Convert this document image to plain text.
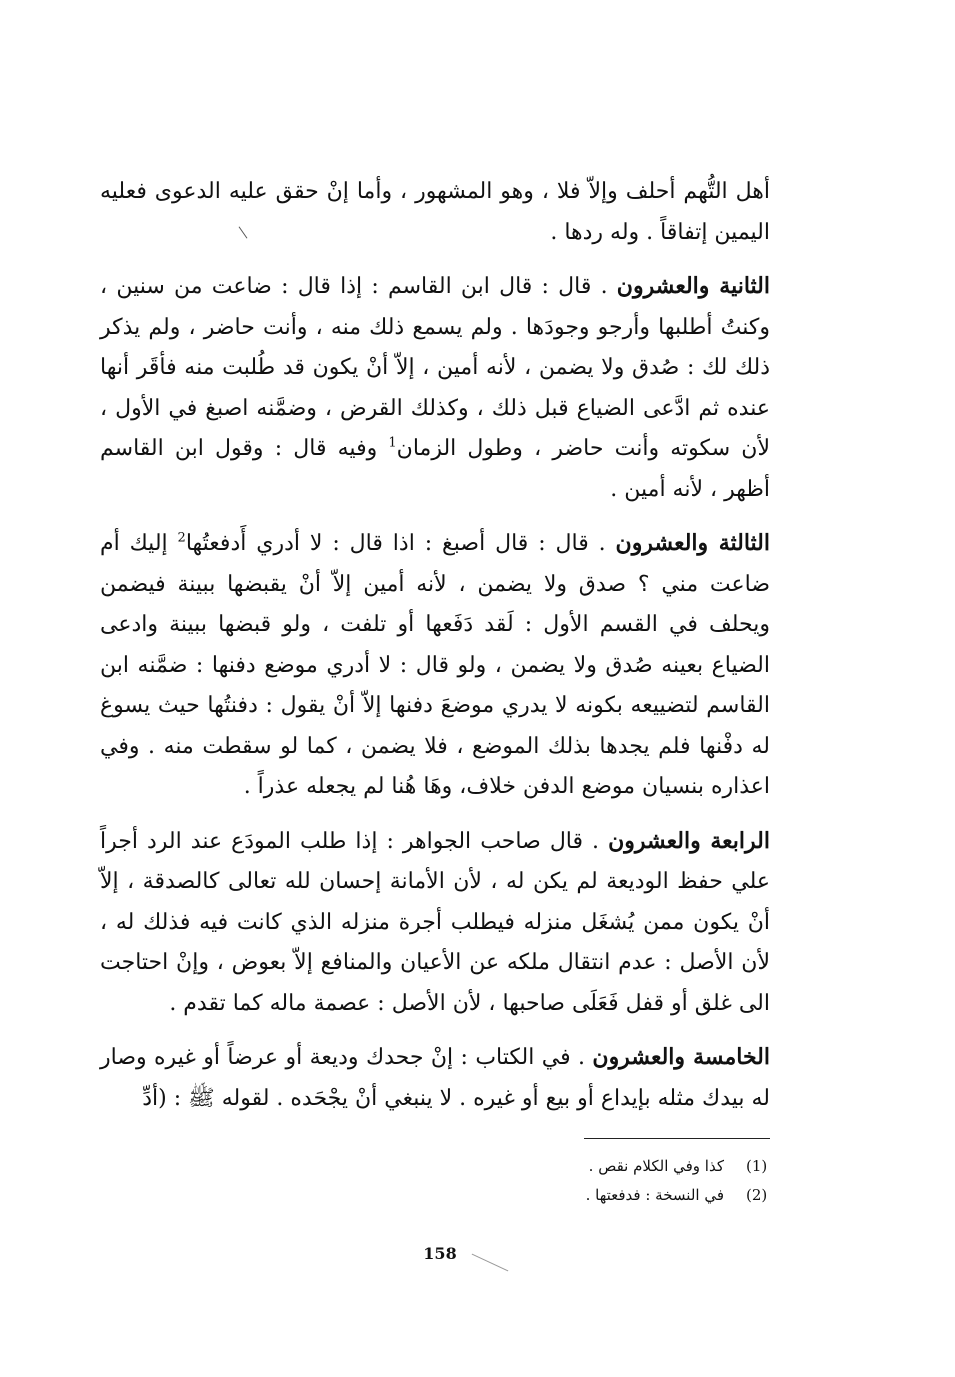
أهل التُّهم أحلف وإلاّ فلا ، وهو المشهور ، وأما إنْ حقق عليه الدعوى فعليه اليمين إتفاقاً . وله ردها .

الثانية والعشرون . قال : قال ابن القاسم : إذا قال : ضاعت من سنين ، وكنتُ أطلبها وأرجو وجودَها . ولم يسمع ذلك منه ، وأنت حاضر ، ولم يذكر ذلك لك : صُدق ولا يضمن ، لأنه أمين ، إلاّ أنْ يكون قد طُلبت منه فأقَر أنها عنده ثم ادَّعى الضياع قبل ذلك ، وكذلك القرض ، وضمَّنه اصبغ في الأول ، لأن سكوته وأنت حاضر ، وطول الزمان$^1$ وفيه قال : وقول ابن القاسم أظهر ، لأنه أمين .

الثالثة والعشرون . قال : قال أصبغ : اذا قال : لا أدري أَدفعتُها$^2$ إليك أم ضاعت مني ؟ صدق ولا يضمن ، لأنه أمين إلاّ أنْ يقبضها ببينة فيضمن ويحلف في القسم الأول : لَقد دَفَعها أو تلفت ، ولو قبضها ببينة وادعى الضياع بعينه صُدق ولا يضمن ، ولو قال : لا أدري موضع دفنها : ضمَّنه ابن القاسم لتضييعه بكونه لا يدري موضعَ دفنها إلاّ أنْ يقول : دفنتُها حيث يسوغ له دفْنها فلم يجدها بذلك الموضع ، فلا يضمن ، كما لو سقطت منه . وفي اعذاره بنسيان موضع الدفن خلاف، وهَا هُنا لم يجعله عذراً .

الرابعة والعشرون . قال صاحب الجواهر : إذا طلب المودَع عند الرد أجراً علي حفظ الوديعة لم يكن له ، لأن الأمانة إحسان لله تعالى كالصدقة ، إلاّ أنْ يكون ممن يُشغَل منزله فيطلب أجرة منزله الذي كانت فيه فذلك له ، لأن الأصل : عدم انتقال ملكه عن الأعيان والمنافع إلاّ بعوض ، وإنْ احتاجت الى غلق أو قفل فَعَلَى صاحبها ، لأن الأصل : عصمة ماله كما تقدم .

الخامسة والعشرون . في الكتاب : إنْ جحدك وديعة أو عرضاً أو غيره وصار له بيدك مثله بإيداع أو بيع أو غيره . لا ينبغي أنْ يجْحَده . لقوله ﷺ : (أدِّ

(1)
كذا وفي الكلام نقص .
(2)
في النسخة : فدفعتها .
158
